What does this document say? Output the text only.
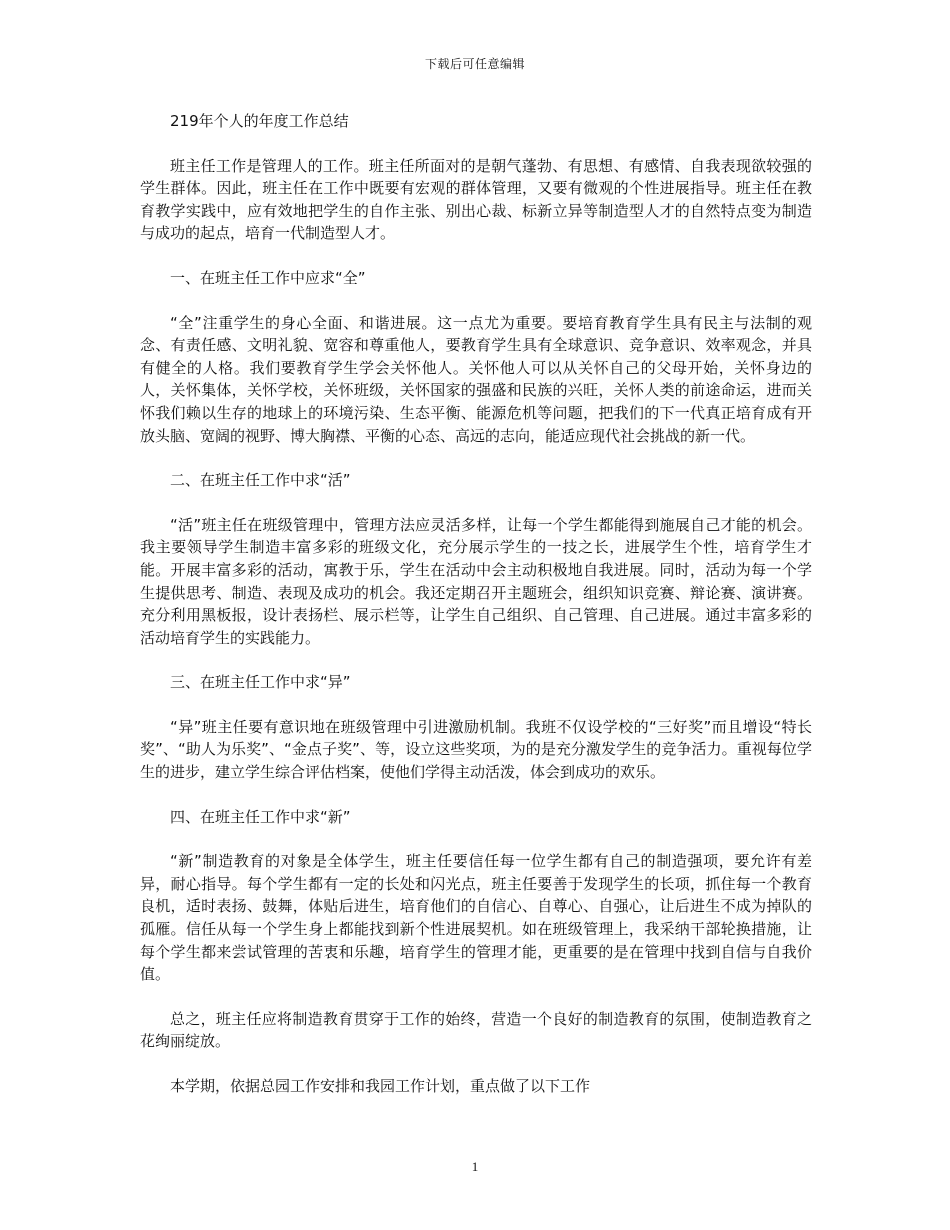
下载后可任意编辑

219年个人的年度工作总结

班主任工作是管理人的工作。班主任所面对的是朝气蓬勃、有思想、有感情、自我表现欲较强的学生群体。因此，班主任在工作中既要有宏观的群体管理，又要有微观的个性进展指导。班主任在教育教学实践中，应有效地把学生的自作主张、别出心裁、标新立异等制造型人才的自然特点变为制造与成功的起点，培育一代制造型人才。

一、在班主任工作中应求“全”

“全”注重学生的身心全面、和谐进展。这一点尤为重要。要培育教育学生具有民主与法制的观念、有责任感、文明礼貌、宽容和尊重他人，要教育学生具有全球意识、竞争意识、效率观念，并具有健全的人格。我们要教育学生学会关怀他人。关怀他人可以从关怀自己的父母开始，关怀身边的人，关怀集体，关怀学校，关怀班级，关怀国家的强盛和民族的兴旺，关怀人类的前途命运，进而关怀我们赖以生存的地球上的环境污染、生态平衡、能源危机等问题，把我们的下一代真正培育成有开放头脑、宽阔的视野、博大胸襟、平衡的心态、高远的志向，能适应现代社会挑战的新一代。

二、在班主任工作中求“活”

“活”班主任在班级管理中，管理方法应灵活多样，让每一个学生都能得到施展自己才能的机会。我主要领导学生制造丰富多彩的班级文化，充分展示学生的一技之长，进展学生个性，培育学生才能。开展丰富多彩的活动，寓教于乐，学生在活动中会主动积极地自我进展。同时，活动为每一个学生提供思考、制造、表现及成功的机会。我还定期召开主题班会，组织知识竞赛、辩论赛、演讲赛。充分利用黑板报，设计表扬栏、展示栏等，让学生自己组织、自己管理、自己进展。通过丰富多彩的活动培育学生的实践能力。

三、在班主任工作中求“异”

“异”班主任要有意识地在班级管理中引进激励机制。我班不仅设学校的“三好奖”而且增设“特长奖”、“助人为乐奖”、“金点子奖”、等，设立这些奖项，为的是充分激发学生的竞争活力。重视每位学生的进步，建立学生综合评估档案，使他们学得主动活泼，体会到成功的欢乐。

四、在班主任工作中求“新”

“新”制造教育的对象是全体学生，班主任要信任每一位学生都有自己的制造强项，要允许有差异，耐心指导。每个学生都有一定的长处和闪光点，班主任要善于发现学生的长项，抓住每一个教育良机，适时表扬、鼓舞，体贴后进生，培育他们的自信心、自尊心、自强心，让后进生不成为掉队的孤雁。信任从每一个学生身上都能找到新个性进展契机。如在班级管理上，我采纳干部轮换措施，让每个学生都来尝试管理的苦衷和乐趣，培育学生的管理才能，更重要的是在管理中找到自信与自我价值。

总之，班主任应将制造教育贯穿于工作的始终，营造一个良好的制造教育的氛围，使制造教育之花绚丽绽放。

本学期，依据总园工作安排和我园工作计划，重点做了以下工作

1
